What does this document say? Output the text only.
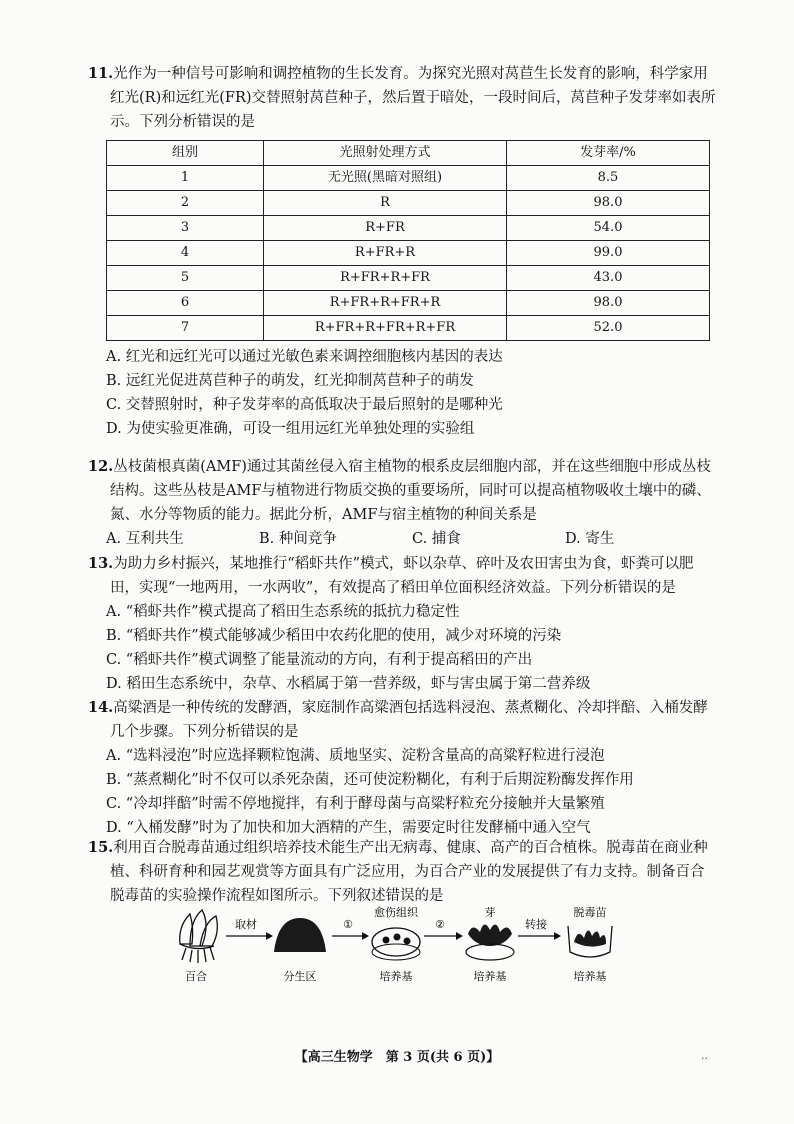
11.光作为一种信号可影响和调控植物的生长发育。为探究光照对莴苣生长发育的影响，科学家用红光(R)和远红光(FR)交替照射莴苣种子，然后置于暗处，一段时间后，莴苣种子发芽率如表所示。下列分析错误的是

组别	光照射处理方式	发芽率/%
1	无光照(黑暗对照组)	8.5
2	R	98.0
3	R+FR	54.0
4	R+FR+R	99.0
5	R+FR+R+FR	43.0
6	R+FR+R+FR+R	98.0
7	R+FR+R+FR+R+FR	52.0

A. 红光和远红光可以通过光敏色素来调控细胞核内基因的表达

B. 远红光促进莴苣种子的萌发，红光抑制莴苣种子的萌发

C. 交替照射时，种子发芽率的高低取决于最后照射的是哪种光

D. 为使实验更准确，可设一组用远红光单独处理的实验组

12.丛枝菌根真菌(AMF)通过其菌丝侵入宿主植物的根系皮层细胞内部，并在这些细胞中形成丛枝结构。这些丛枝是AMF与植物进行物质交换的重要场所，同时可以提高植物吸收土壤中的磷、氮、水分等物质的能力。据此分析，AMF与宿主植物的种间关系是

A. 互利共生	B. 种间竞争	C. 捕食	D. 寄生

13.为助力乡村振兴，某地推行“稻虾共作”模式，虾以杂草、碎叶及农田害虫为食，虾粪可以肥田，实现“一地两用，一水两收”，有效提高了稻田单位面积经济效益。下列分析错误的是

A. “稻虾共作”模式提高了稻田生态系统的抵抗力稳定性

B. “稻虾共作”模式能够减少稻田中农药化肥的使用，减少对环境的污染

C. “稻虾共作”模式调整了能量流动的方向，有利于提高稻田的产出

D. 稻田生态系统中，杂草、水稻属于第一营养级，虾与害虫属于第二营养级

14.高粱酒是一种传统的发酵酒，家庭制作高粱酒包括选料浸泡、蒸煮糊化、冷却拌醅、入桶发酵几个步骤。下列分析错误的是

A. “选料浸泡”时应选择颗粒饱满、质地坚实、淀粉含量高的高粱籽粒进行浸泡

B. “蒸煮糊化”时不仅可以杀死杂菌，还可使淀粉糊化，有利于后期淀粉酶发挥作用

C. “冷却拌醅”时需不停地搅拌，有利于酵母菌与高粱籽粒充分接触并大量繁殖

D. “入桶发酵”时为了加快和加大酒精的产生，需要定时往发酵桶中通入空气

15.利用百合脱毒苗通过组织培养技术能生产出无病毒、健康、高产的百合植株。脱毒苗在商业种植、科研育种和园艺观赏等方面具有广泛应用，为百合产业的发展提供了有力支持。制备百合脱毒苗的实验操作流程如图所示。下列叙述错误的是

百合
取材
分生区
①
愈伤组织
培养基
②
芽
培养基
转接
脱毒苗
培养基
【高三生物学　第 3 页(共 6 页)】	··
